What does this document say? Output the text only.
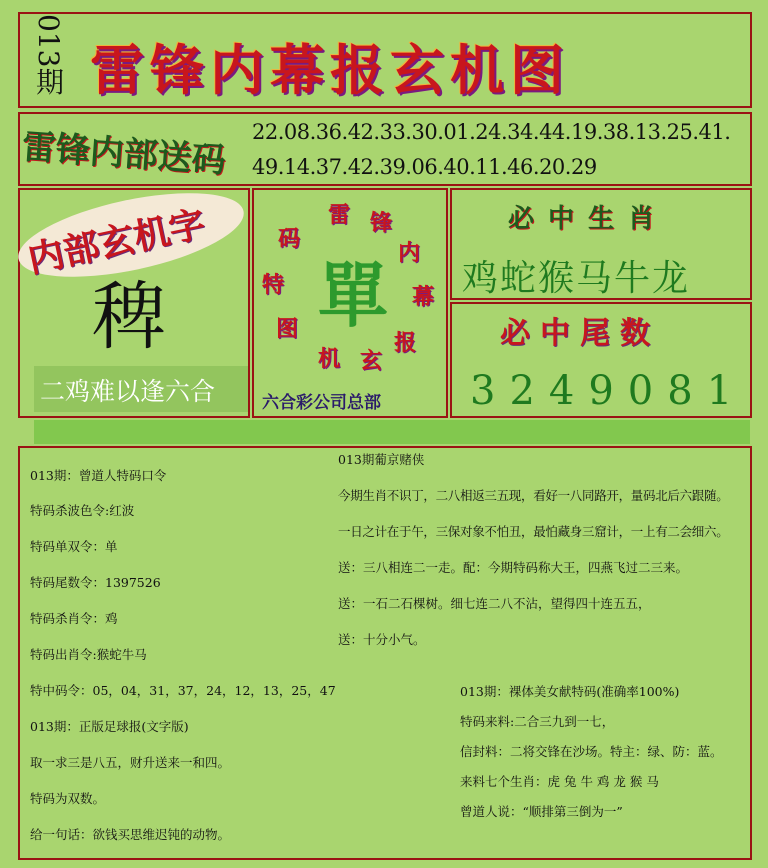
013期 雷锋内幕报玄机图
雷锋内部送码 22.08.36.42.33.30.01.24.34.44.19.38.13.25.41.
49.14.37.42.39.06.40.11.46.20.29
内部玄机字
稗
二鸡难以逢六合
雷 锋
内
幕
报
玄
机
图
特
码
單
六合彩公司总部
必中生肖
鸡蛇猴马牛龙
必中尾数
3249081
013期：曾道人特码口令
特码杀波色令:红波
特码单双令：单
特码尾数令：1397526
特码杀肖令：鸡
特码出肖令:猴蛇牛马
特中码令：05，04，31，37，24，12，13，25，47
013期：正版足球报(文字版)
取一求三是八五，财升送来一和四。
特码为双数。
给一句话：欲钱买思维迟钝的动物。
013期葡京赌侠
今期生肖不识丁，二八相返三五现，看好一八同路开，量码北后六跟随。
一日之计在于午，三保对象不怕丑，最怕藏身三窟计，一上有二会细六。
送：三八相连二一走。配：今期特码称大王，四燕飞过二三来。
送：一石二石棵树。细七连二八不沾，望得四十连五五，
送：十分小气。
013期：裸体美女献特码(准确率100%)
特码来料:二合三九到一七，
信封料：二将交锋在沙场。特主：绿、防：蓝。
来料七个生肖：虎 兔 牛 鸡 龙 猴 马
曾道人说：“顺排第三倒为一”
